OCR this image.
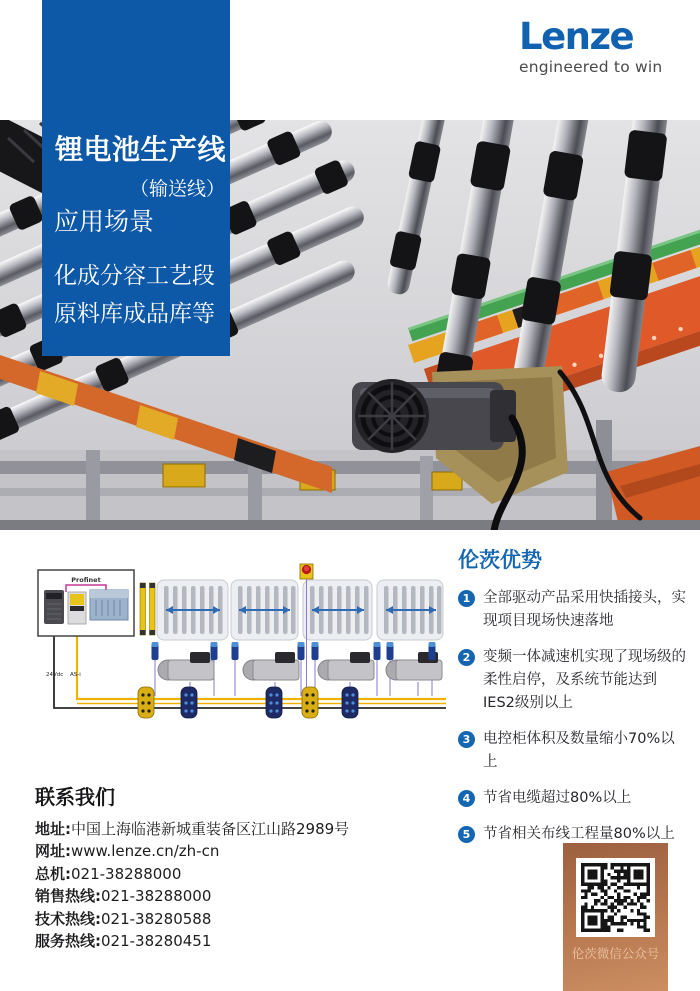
Lenze
engineered to win
锂电池生产线
（输送线）
应用场景
化成分容工艺段
原料库成品库等
24Vdc AS-i
Profinet
伦茨优势
1 全部驱动产品采用快插接头，实现项目现场快速落地
2 变频一体减速机实现了现场级的柔性启停，及系统节能达到IES2级别以上
3 电控柜体积及数量缩小70%以上
4 节省电缆超过80%以上
5 节省相关布线工程量80%以上
联系我们
地址:中国上海临港新城重装备区江山路2989号
网址:www.lenze.cn/zh-cn
总机:021-38288000
销售热线:021-38288000
技术热线:021-38280588
服务热线:021-38280451
伦茨微信公众号
